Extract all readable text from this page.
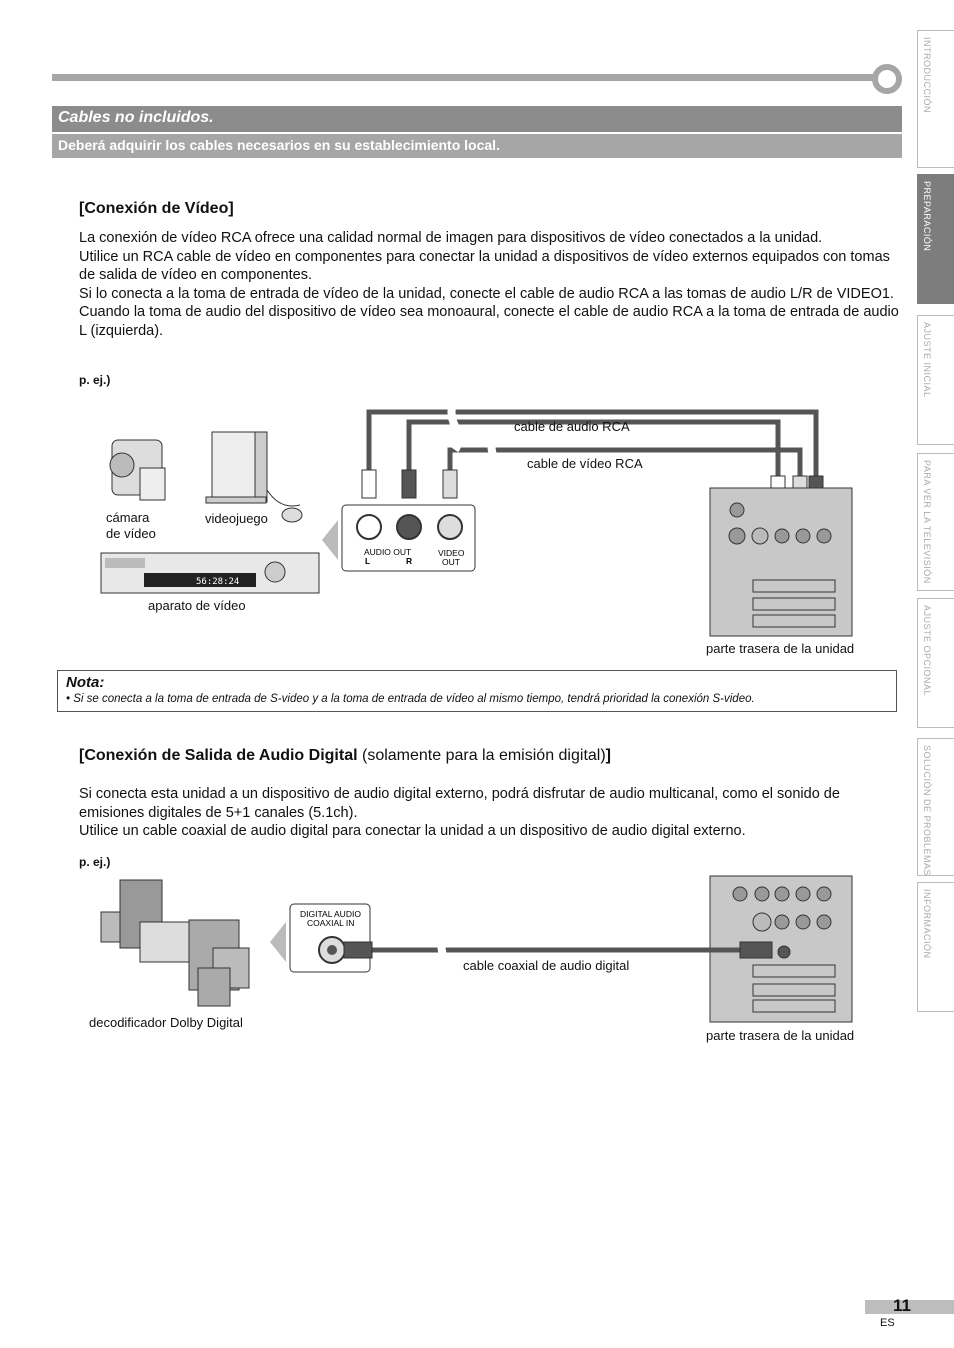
Cables no incluidos.
Deberá adquirir los cables necesarios en su establecimiento local.
[Conexión de Vídeo]

La conexión de vídeo RCA ofrece una calidad normal de imagen para dispositivos de vídeo conectados a la unidad.

Utilice un RCA cable de vídeo en componentes para conectar la unidad a dispositivos de vídeo externos equipados con tomas de salida de vídeo en componentes.

Si lo conecta a la toma de entrada de vídeo de la unidad, conecte el cable de audio RCA a las tomas de audio L/R de VIDEO1.

Cuando la toma de audio del dispositivo de vídeo sea monoaural, conecte el cable de audio RCA a la toma de entrada de audio L (izquierda).

p. ej.)
56:28:24
AUDIO OUT
L	R
VIDEO OUT
DIGITAL AUDIO COAXIAL IN
cámara
de vídeo
videojuego
aparato de vídeo
cable de audio RCA
cable de vídeo RCA
parte trasera de la unidad
Nota:
• Si se conecta a la toma de entrada de S-video y a la toma de entrada de vídeo al mismo tiempo, tendrá prioridad la conexión S-video.
[Conexión de Salida de Audio Digital (solamente para la emisión digital)]

Si conecta esta unidad a un dispositivo de audio digital externo, podrá disfrutar de audio multicanal, como el sonido de emisiones digitales de 5+1 canales (5.1ch).

Utilice un cable coaxial de audio digital para conectar la unidad a un dispositivo de audio digital externo.

p. ej.)
decodificador Dolby Digital
cable coaxial de audio digital
parte trasera de la unidad
INTRODUCCIÓN
PREPARACIÓN
AJUSTE INICIAL
PARA VER LA TELEVISIÓN
AJUSTE OPCIONAL
SOLUCIÓN DE PROBLEMAS
INFORMACIÓN
11
ES
